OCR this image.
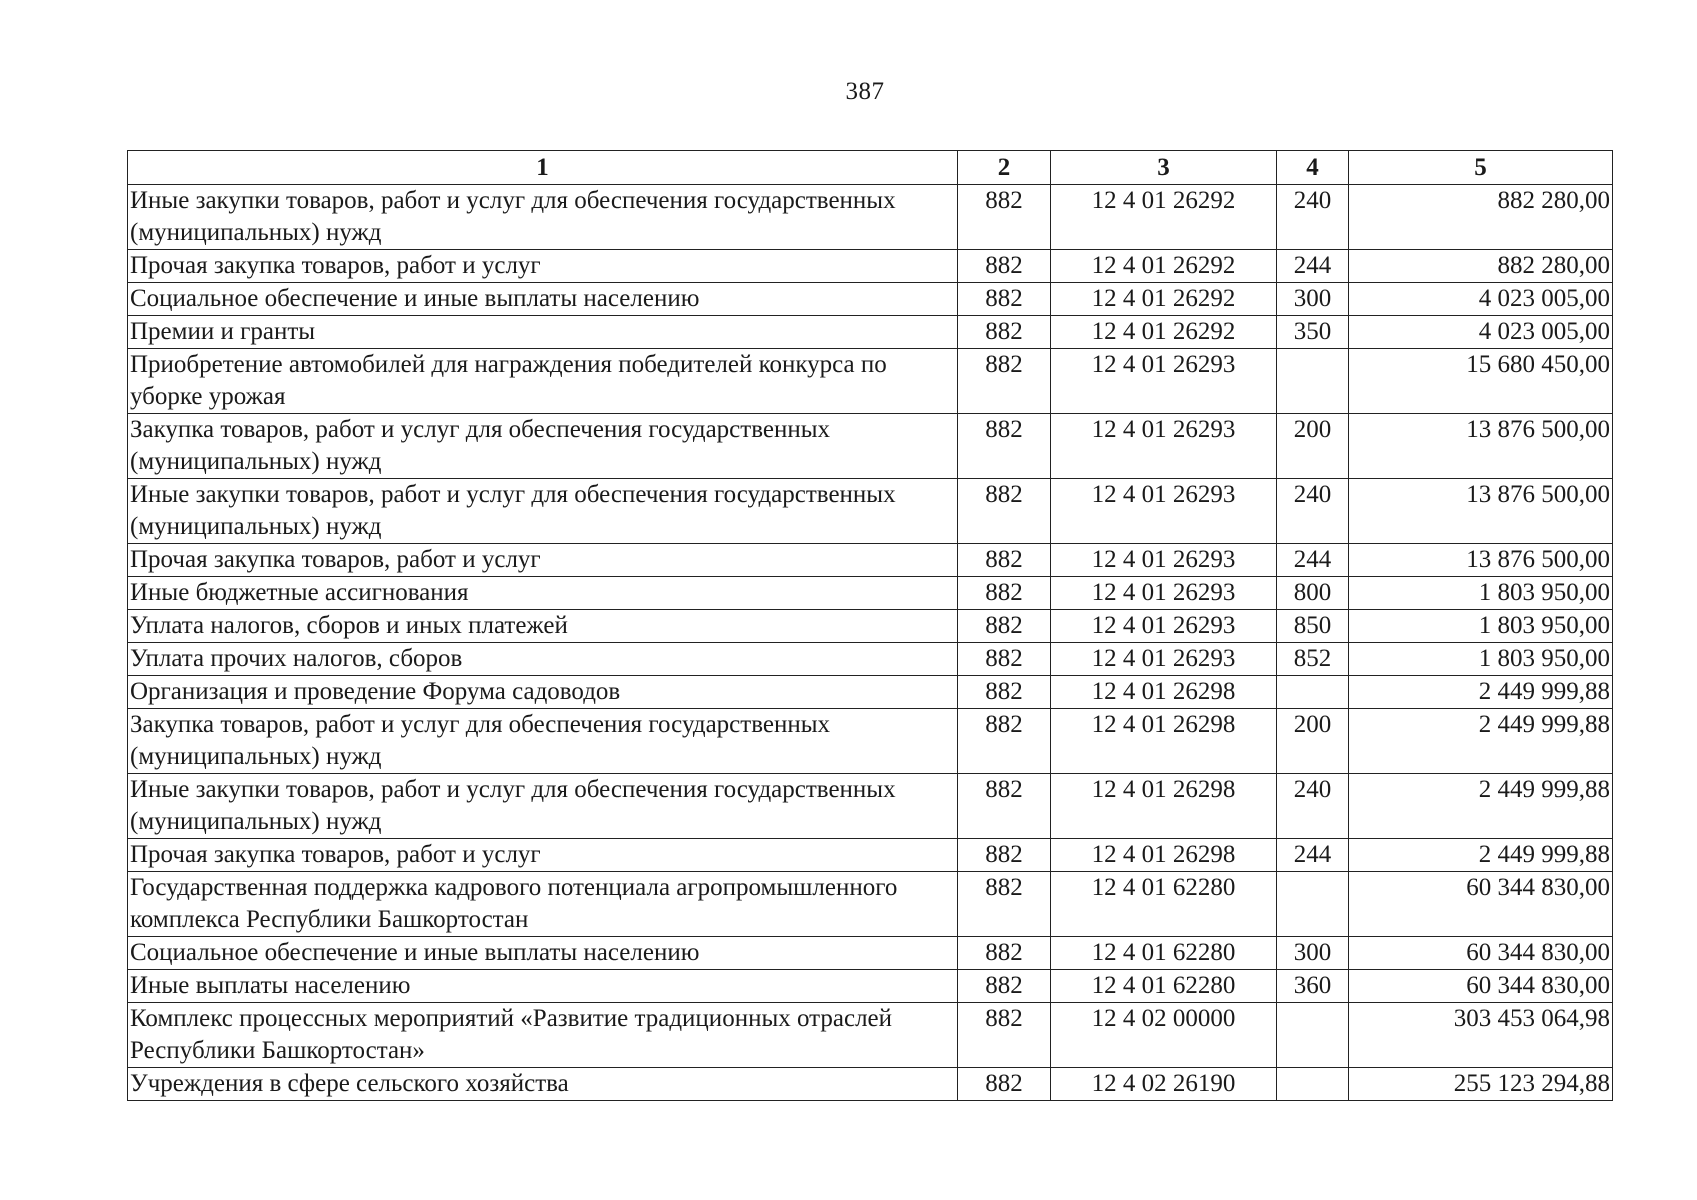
387
1	2	3	4	5
Иные закупки товаров, работ и услуг для обеспечения государственных (муниципальных) нужд	882	12 4 01 26292	240	882 280,00
Прочая закупка товаров, работ и услуг	882	12 4 01 26292	244	882 280,00
Социальное обеспечение и иные выплаты населению	882	12 4 01 26292	300	4 023 005,00
Премии и гранты	882	12 4 01 26292	350	4 023 005,00
Приобретение автомобилей для награждения победителей конкурса по уборке урожая	882	12 4 01 26293		15 680 450,00
Закупка товаров, работ и услуг для обеспечения государственных (муниципальных) нужд	882	12 4 01 26293	200	13 876 500,00
Иные закупки товаров, работ и услуг для обеспечения государственных (муниципальных) нужд	882	12 4 01 26293	240	13 876 500,00
Прочая закупка товаров, работ и услуг	882	12 4 01 26293	244	13 876 500,00
Иные бюджетные ассигнования	882	12 4 01 26293	800	1 803 950,00
Уплата налогов, сборов и иных платежей	882	12 4 01 26293	850	1 803 950,00
Уплата прочих налогов, сборов	882	12 4 01 26293	852	1 803 950,00
Организация и проведение Форума садоводов	882	12 4 01 26298		2 449 999,88
Закупка товаров, работ и услуг для обеспечения государственных (муниципальных) нужд	882	12 4 01 26298	200	2 449 999,88
Иные закупки товаров, работ и услуг для обеспечения государственных (муниципальных) нужд	882	12 4 01 26298	240	2 449 999,88
Прочая закупка товаров, работ и услуг	882	12 4 01 26298	244	2 449 999,88
Государственная поддержка кадрового потенциала агропромышленного комплекса Республики Башкортостан	882	12 4 01 62280		60 344 830,00
Социальное обеспечение и иные выплаты населению	882	12 4 01 62280	300	60 344 830,00
Иные выплаты населению	882	12 4 01 62280	360	60 344 830,00
Комплекс процессных мероприятий «Развитие традиционных отраслей Республики Башкортостан»	882	12 4 02 00000		303 453 064,98
Учреждения в сфере сельского хозяйства	882	12 4 02 26190		255 123 294,88
